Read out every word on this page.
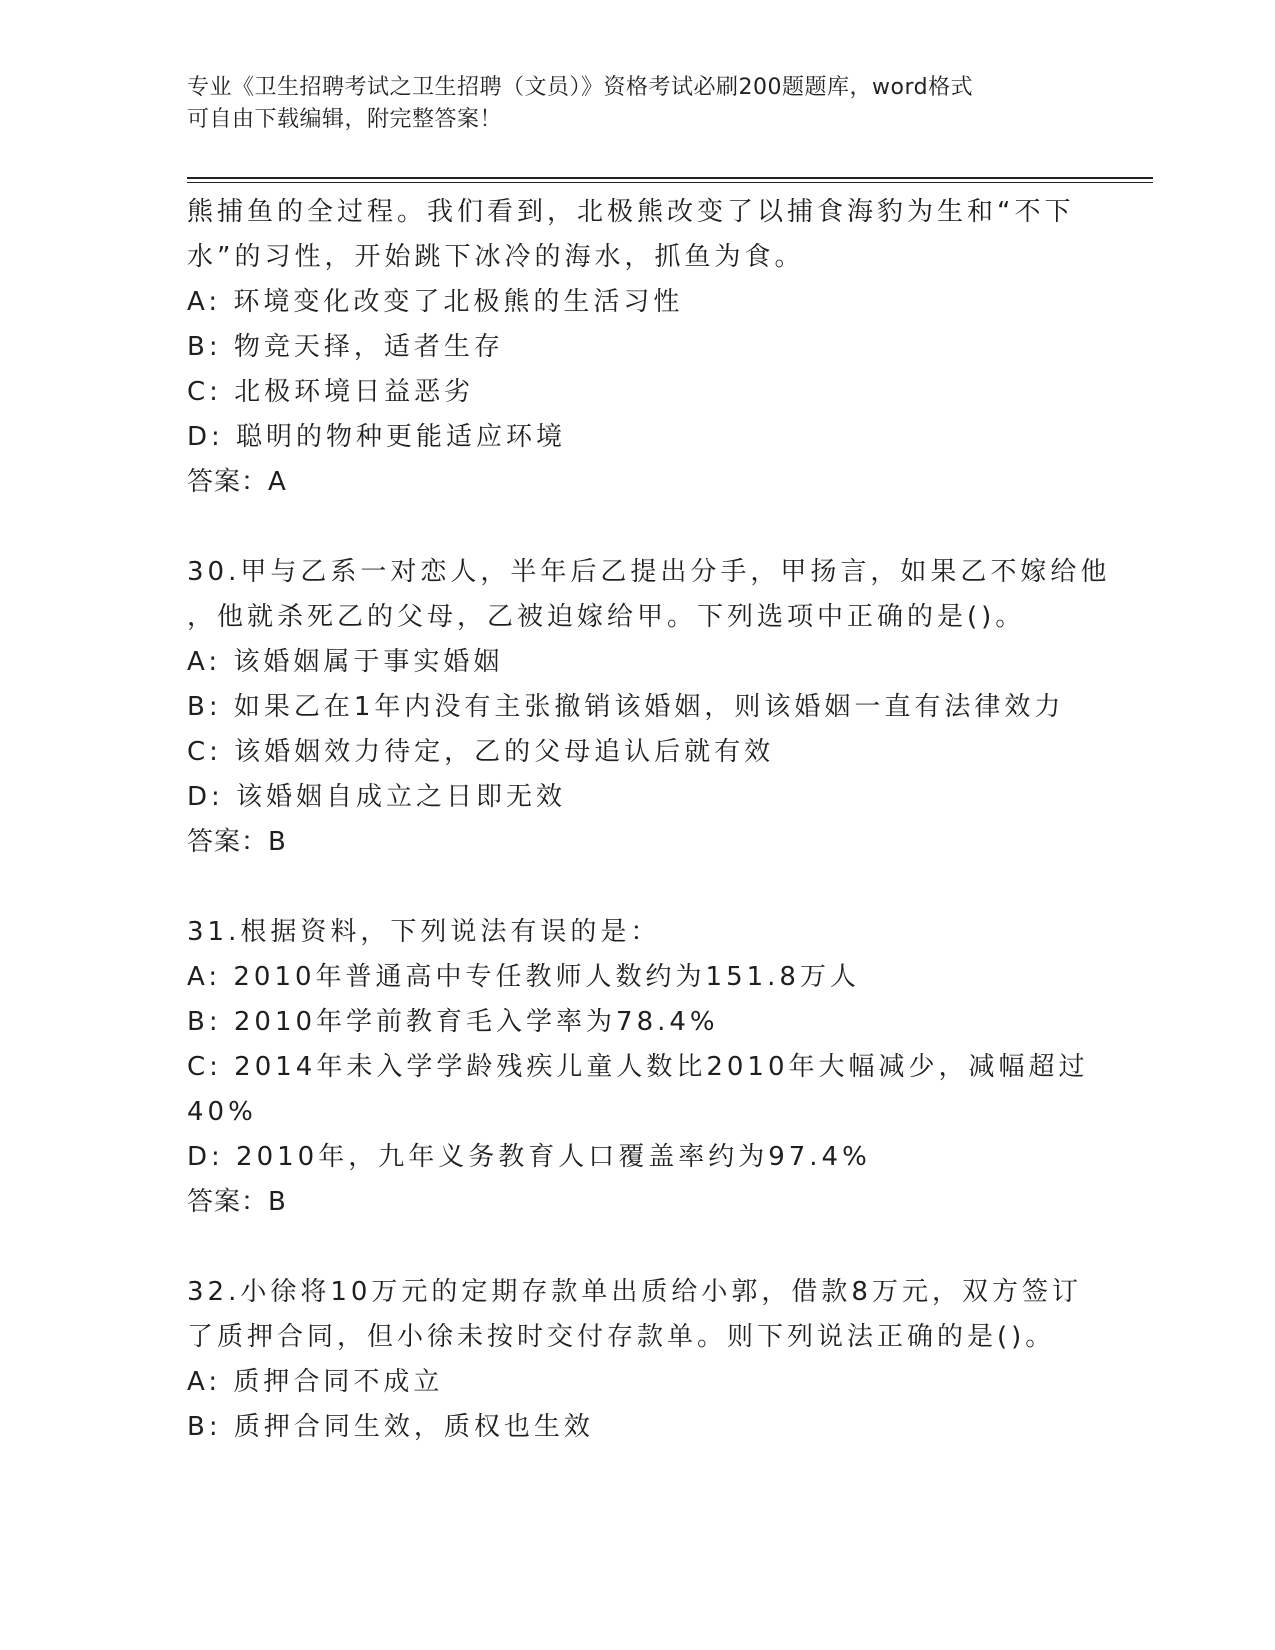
专业《卫生招聘考试之卫生招聘（文员）》资格考试必刷200题题库，word格式
可自由下载编辑，附完整答案！
熊捕鱼的全过程。我们看到，北极熊改变了以捕食海豹为生和“不下
水”的习性，开始跳下冰冷的海水，抓鱼为食。
A: 环境变化改变了北极熊的生活习性
B: 物竞天择，适者生存
C: 北极环境日益恶劣
D: 聪明的物种更能适应环境
答案：A
30.甲与乙系一对恋人，半年后乙提出分手，甲扬言，如果乙不嫁给他
，他就杀死乙的父母，乙被迫嫁给甲。下列选项中正确的是()。
A: 该婚姻属于事实婚姻
B: 如果乙在1年内没有主张撤销该婚姻，则该婚姻一直有法律效力
C: 该婚姻效力待定，乙的父母追认后就有效
D: 该婚姻自成立之日即无效
答案：B
31.根据资料，下列说法有误的是：
A: 2010年普通高中专任教师人数约为151.8万人
B: 2010年学前教育毛入学率为78.4%
C: 2014年未入学学龄残疾儿童人数比2010年大幅减少，减幅超过
40%
D: 2010年，九年义务教育人口覆盖率约为97.4%
答案：B
32.小徐将10万元的定期存款单出质给小郭，借款8万元，双方签订
了质押合同，但小徐未按时交付存款单。则下列说法正确的是()。
A: 质押合同不成立
B: 质押合同生效，质权也生效
